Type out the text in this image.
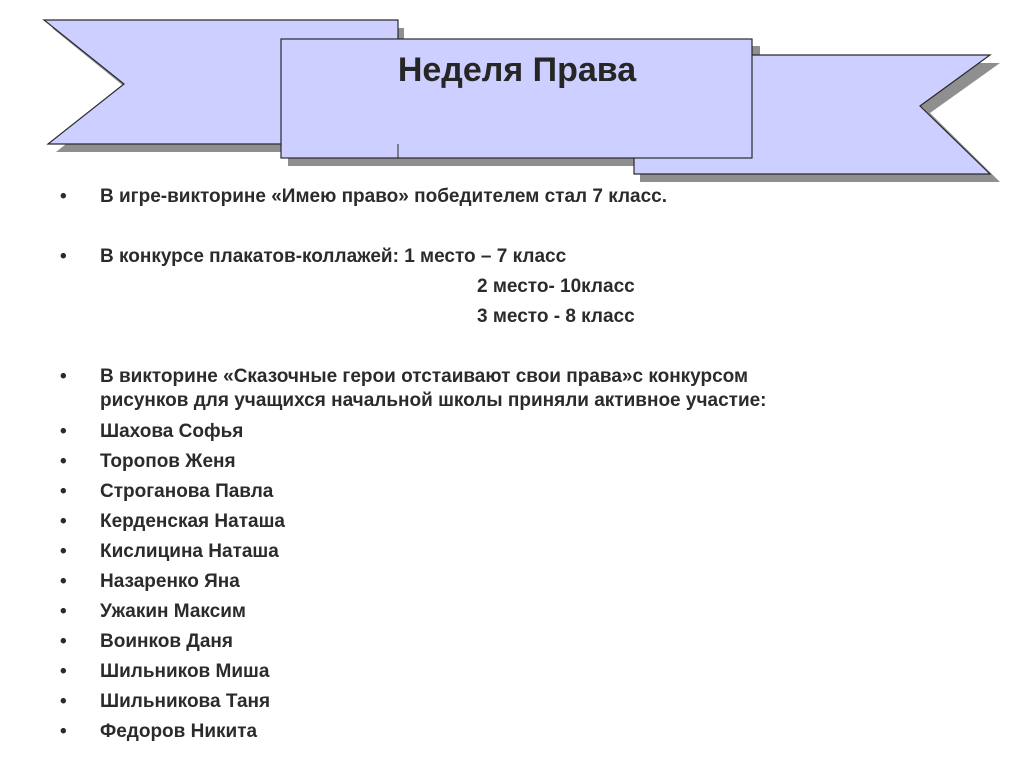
Неделя Права
• В игре-викторине «Имею право» победителем стал 7 класс.
• В конкурсе плакатов-коллажей: 1 место – 7 класс
2 место- 10класс
3 место - 8 класс
• В викторине «Сказочные герои отстаивают свои права»с конкурсом
рисунков для учащихся начальной школы приняли активное участие:
• Шахова Софья
• Торопов Женя
• Строганова Павла
• Керденская Наташа
• Кислицина Наташа
• Назаренко Яна
• Ужакин Максим
• Воинков Даня
• Шильников Миша
• Шильникова Таня
• Федоров Никита
